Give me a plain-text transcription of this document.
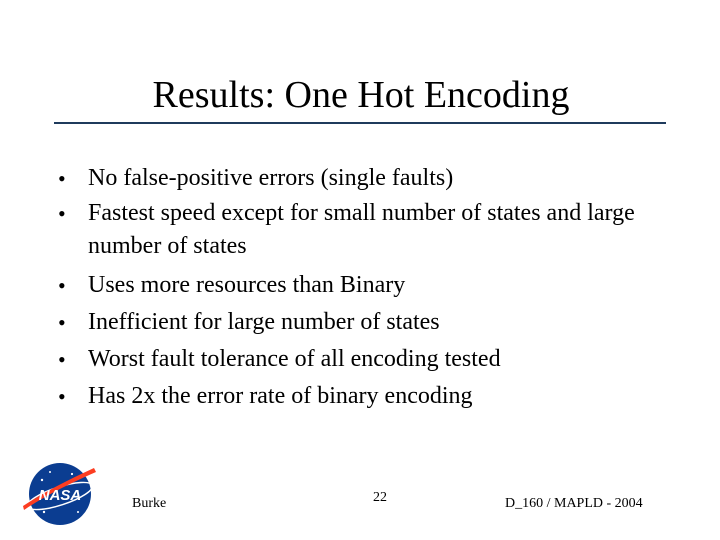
Results: One Hot Encoding
• No false-positive errors (single faults)
• Fastest speed except for small number of states and large number of states
• Uses more resources than Binary
• Inefficient for large number of states
• Worst fault tolerance of all encoding tested
• Has 2x the error rate of binary encoding
NASA	Burke	22	D_160 / MAPLD - 2004
